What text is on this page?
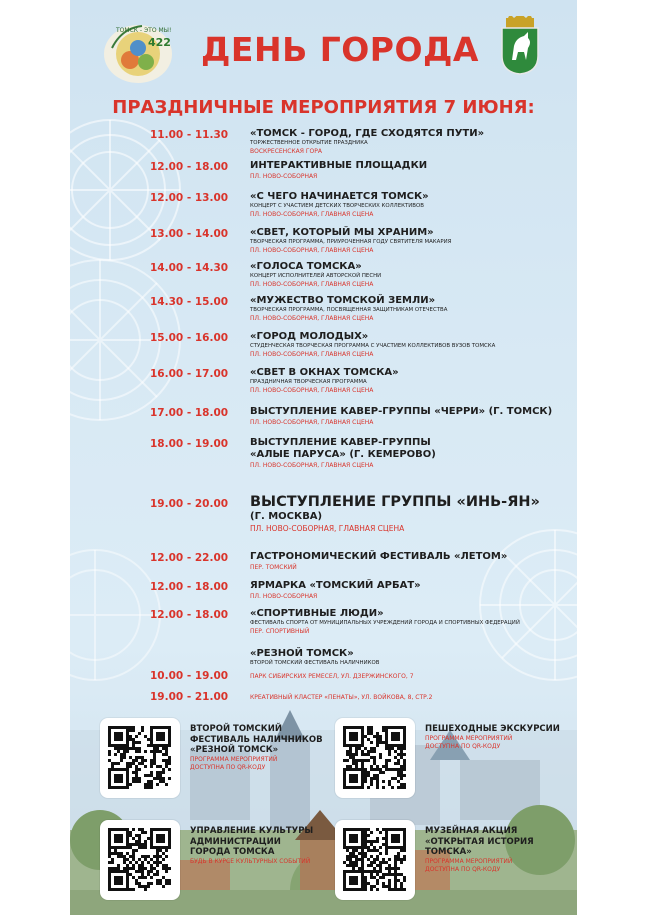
ТОМСК - ЭТО МЫ!
422 ДЕНЬ ГОРОДА
ПРАЗДНИЧНЫЕ МЕРОПРИЯТИЯ 7 ИЮНЯ:
11.00 - 11.30 «ТОМСК - ГОРОД, ГДЕ СХОДЯТСЯ ПУТИ»
ТОРЖЕСТВЕННОЕ ОТКРЫТИЕ ПРАЗДНИКА
ВОСКРЕСЕНСКАЯ ГОРА
12.00 - 18.00 ИНТЕРАКТИВНЫЕ ПЛОЩАДКИ
ПЛ. НОВО-СОБОРНАЯ
12.00 - 13.00 «С ЧЕГО НАЧИНАЕТСЯ ТОМСК»
КОНЦЕРТ С УЧАСТИЕМ ДЕТСКИХ ТВОРЧЕСКИХ КОЛЛЕКТИВОВ
ПЛ. НОВО-СОБОРНАЯ, ГЛАВНАЯ СЦЕНА
13.00 - 14.00 «СВЕТ, КОТОРЫЙ МЫ ХРАНИМ»
ТВОРЧЕСКАЯ ПРОГРАММА, ПРИУРОЧЕННАЯ ГОДУ СВЯТИТЕЛЯ МАКАРИЯ
ПЛ. НОВО-СОБОРНАЯ, ГЛАВНАЯ СЦЕНА
14.00 - 14.30 «ГОЛОСА ТОМСКА»
КОНЦЕРТ ИСПОЛНИТЕЛЕЙ АВТОРСКОЙ ПЕСНИ
ПЛ. НОВО-СОБОРНАЯ, ГЛАВНАЯ СЦЕНА
14.30 - 15.00 «МУЖЕСТВО ТОМСКОЙ ЗЕМЛИ»
ТВОРЧЕСКАЯ ПРОГРАММА, ПОСВЯЩЕННАЯ ЗАЩИТНИКАМ ОТЕЧЕСТВА
ПЛ. НОВО-СОБОРНАЯ, ГЛАВНАЯ СЦЕНА
15.00 - 16.00 «ГОРОД МОЛОДЫХ»
СТУДЕНЧЕСКАЯ ТВОРЧЕСКАЯ ПРОГРАММА С УЧАСТИЕМ КОЛЛЕКТИВОВ ВУЗОВ ТОМСКА
ПЛ. НОВО-СОБОРНАЯ, ГЛАВНАЯ СЦЕНА
16.00 - 17.00 «СВЕТ В ОКНАХ ТОМСКА»
ПРАЗДНИЧНАЯ ТВОРЧЕСКАЯ ПРОГРАММА
ПЛ. НОВО-СОБОРНАЯ, ГЛАВНАЯ СЦЕНА
17.00 - 18.00 ВЫСТУПЛЕНИЕ КАВЕР-ГРУППЫ «ЧЕРРИ» (Г. ТОМСК)
ПЛ. НОВО-СОБОРНАЯ, ГЛАВНАЯ СЦЕНА
18.00 - 19.00 ВЫСТУПЛЕНИЕ КАВЕР-ГРУППЫ
«АЛЫЕ ПАРУСА» (Г. КЕМЕРОВО)
ПЛ. НОВО-СОБОРНАЯ, ГЛАВНАЯ СЦЕНА
19.00 - 20.00 ВЫСТУПЛЕНИЕ ГРУППЫ «ИНЬ-ЯН»
(Г. МОСКВА)
ПЛ. НОВО-СОБОРНАЯ, ГЛАВНАЯ СЦЕНА
12.00 - 22.00 ГАСТРОНОМИЧЕСКИЙ ФЕСТИВАЛЬ «ЛЕТОМ»
ПЕР. ТОМСКИЙ
12.00 - 18.00 ЯРМАРКА «ТОМСКИЙ АРБАТ»
ПЛ. НОВО-СОБОРНАЯ
12.00 - 18.00 «СПОРТИВНЫЕ ЛЮДИ»
ФЕСТИВАЛЬ СПОРТА ОТ МУНИЦИПАЛЬНЫХ УЧРЕЖДЕНИЙ ГОРОДА И СПОРТИВНЫХ ФЕДЕРАЦИЙ
ПЕР. СПОРТИВНЫЙ
«РЕЗНОЙ ТОМСК»
ВТОРОЙ ТОМСКИЙ ФЕСТИВАЛЬ НАЛИЧНИКОВ
10.00 - 19.00	ПАРК СИБИРСКИХ РЕМЕСЕЛ, УЛ. ДЗЕРЖИНСКОГО, 7
19.00 - 21.00	КРЕАТИВНЫЙ КЛАСТЕР «ПЕНАТЫ», УЛ. ВОЙКОВА, 8, СТР.2
ВТОРОЙ ТОМСКИЙ
ФЕСТИВАЛЬ НАЛИЧНИКОВ
«РЕЗНОЙ ТОМСК»
ПРОГРАММА МЕРОПРИЯТИЙ
ДОСТУПНА ПО QR-КОДУ
ПЕШЕХОДНЫЕ ЭКСКУРСИИ
ПРОГРАММА МЕРОПРИЯТИЙ
ДОСТУПНА ПО QR-КОДУ
УПРАВЛЕНИЕ КУЛЬТУРЫ
АДМИНИСТРАЦИИ
ГОРОДА ТОМСКА
БУДЬ В КУРСЕ КУЛЬТУРНЫХ СОБЫТИЙ
МУЗЕЙНАЯ АКЦИЯ
«ОТКРЫТАЯ ИСТОРИЯ
ТОМСКА»
ПРОГРАММА МЕРОПРИЯТИЙ
ДОСТУПНА ПО QR-КОДУ
